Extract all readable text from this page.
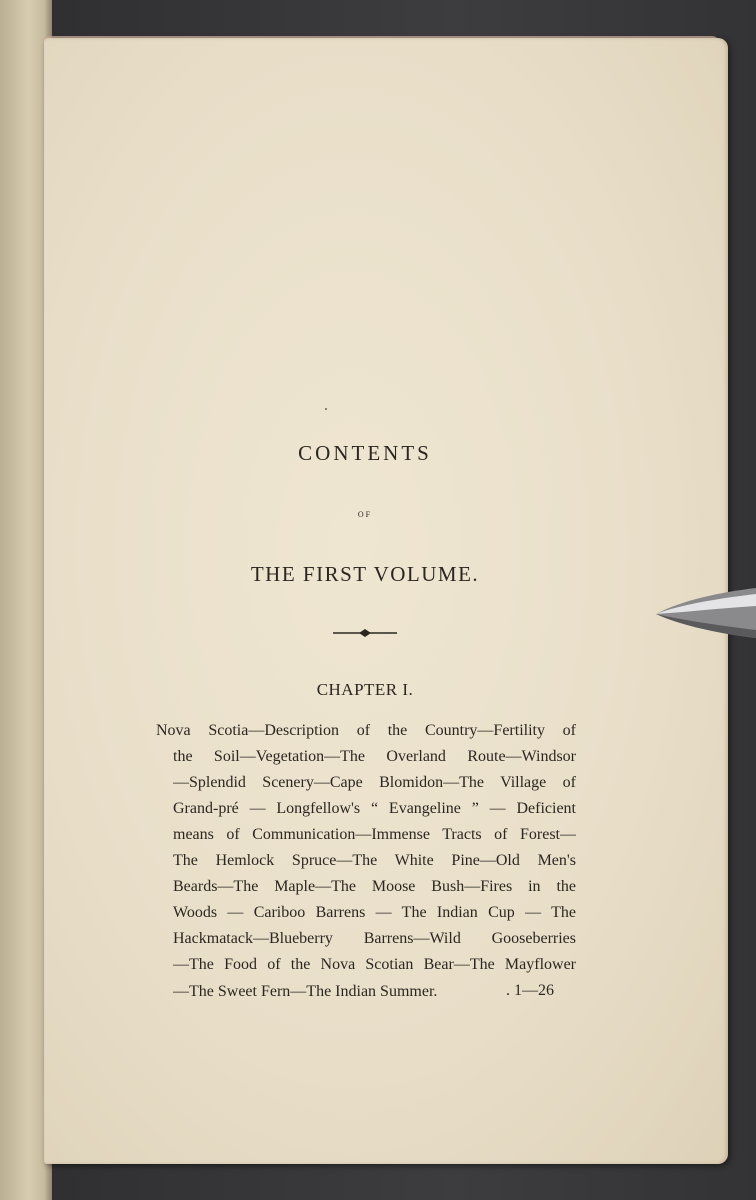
CONTENTS
OF
THE FIRST VOLUME.
CHAPTER I.
Nova Scotia—Description of the Country—Fertility of
the Soil—Vegetation—The Overland Route—Windsor
—Splendid Scenery—Cape Blomidon—The Village of
Grand-pré — Longfellow's “ Evangeline ” — Deficient
means of Communication—Immense Tracts of Forest—
The Hemlock Spruce—The White Pine—Old Men's
Beards—The Maple—The Moose Bush—Fires in the
Woods — Cariboo Barrens — The Indian Cup — The
Hackmatack—Blueberry Barrens—Wild Gooseberries
—The Food of the Nova Scotian Bear—The Mayflower
—The Sweet Fern—The Indian Summer.	. 1—26
